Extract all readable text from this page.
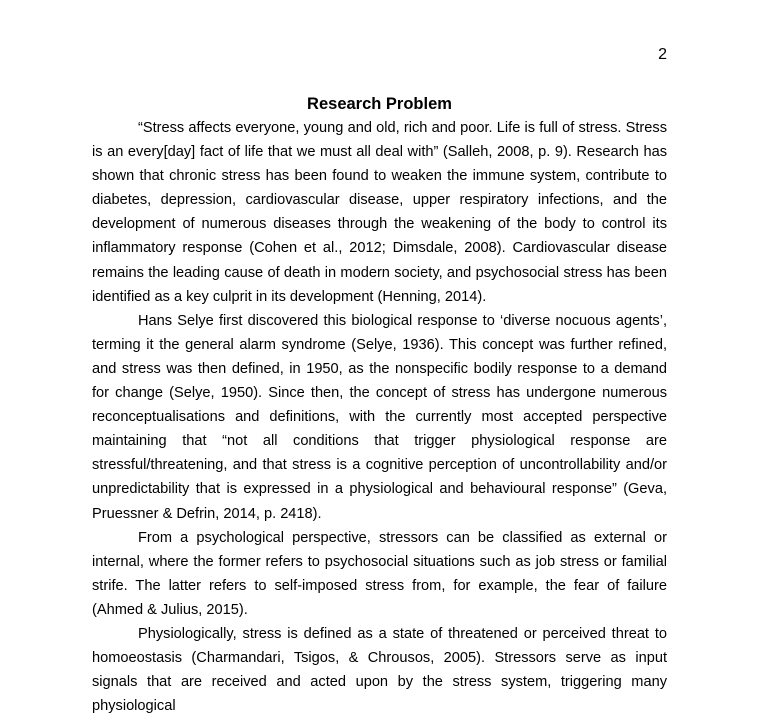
2
Research Problem

“Stress affects everyone, young and old, rich and poor. Life is full of stress. Stress is an every[day] fact of life that we must all deal with” (Salleh, 2008, p. 9). Research has shown that chronic stress has been found to weaken the immune system, contribute to diabetes, depression, cardiovascular disease, upper respiratory infections, and the development of numerous diseases through the weakening of the body to control its inflammatory response (Cohen et al., 2012; Dimsdale, 2008). Cardiovascular disease remains the leading cause of death in modern society, and psychosocial stress has been identified as a key culprit in its development (Henning, 2014).

Hans Selye first discovered this biological response to ‘diverse nocuous agents’, terming it the general alarm syndrome (Selye, 1936). This concept was further refined, and stress was then defined, in 1950, as the nonspecific bodily response to a demand for change (Selye, 1950). Since then, the concept of stress has undergone numerous reconceptualisations and definitions, with the currently most accepted perspective maintaining that “not all conditions that trigger physiological response are stressful/threatening, and that stress is a cognitive perception of uncontrollability and/or unpredictability that is expressed in a physiological and behavioural response” (Geva, Pruessner & Defrin, 2014, p. 2418).

From a psychological perspective, stressors can be classified as external or internal, where the former refers to psychosocial situations such as job stress or familial strife. The latter refers to self-imposed stress from, for example, the fear of failure (Ahmed & Julius, 2015).

Physiologically, stress is defined as a state of threatened or perceived threat to homoeostasis (Charmandari, Tsigos, & Chrousos, 2005). Stressors serve as input signals that are received and acted upon by the stress system, triggering many physiological
